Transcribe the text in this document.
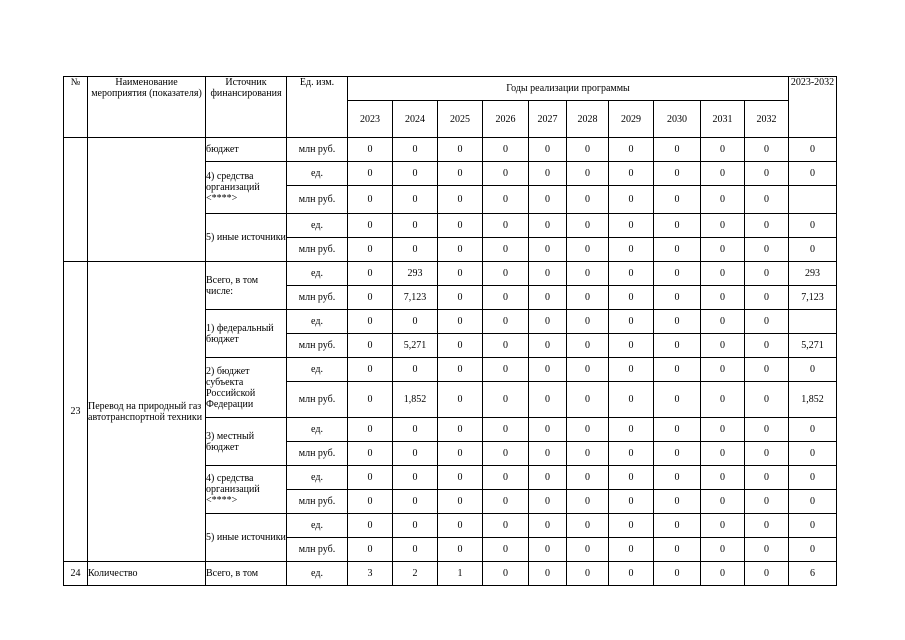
№	Наименование мероприятия (показателя)	Источник финансирования	Ед. изм.	Годы реализации программы										2023-2032
				2023	2024	2025	2026	2027	2028	2029	2030	2031	2032	
		бюджет	млн руб.	0	0	0	0	0	0	0	0	0	0	0
		4) средства организаций <****>	ед.	0	0	0	0	0	0	0	0	0	0	0
			млн руб.	0	0	0	0	0	0	0	0	0	0	
		5) иные источники	ед.	0	0	0	0	0	0	0	0	0	0	0
			млн руб.	0	0	0	0	0	0	0	0	0	0	0
23	Перевод на природный газ автотранспортной техники	Всего, в том числе:	ед.	0	293	0	0	0	0	0	0	0	0	293
			млн руб.	0	7,123	0	0	0	0	0	0	0	0	7,123
		1) федеральный бюджет	ед.	0	0	0	0	0	0	0	0	0	0	
			млн руб.	0	5,271	0	0	0	0	0	0	0	0	5,271
		2) бюджет субъекта Российской Федерации	ед.	0	0	0	0	0	0	0	0	0	0	0
			млн руб.	0	1,852	0	0	0	0	0	0	0	0	1,852
		3) местный бюджет	ед.	0	0	0	0	0	0	0	0	0	0	0
			млн руб.	0	0	0	0	0	0	0	0	0	0	0
		4) средства организаций <****>	ед.	0	0	0	0	0	0	0	0	0	0	0
			млн руб.	0	0	0	0	0	0	0	0	0	0	0
		5) иные источники	ед.	0	0	0	0	0	0	0	0	0	0	0
			млн руб.	0	0	0	0	0	0	0	0	0	0	0
24	Количество	Всего, в том	ед.	3	2	1	0	0	0	0	0	0	0	6
